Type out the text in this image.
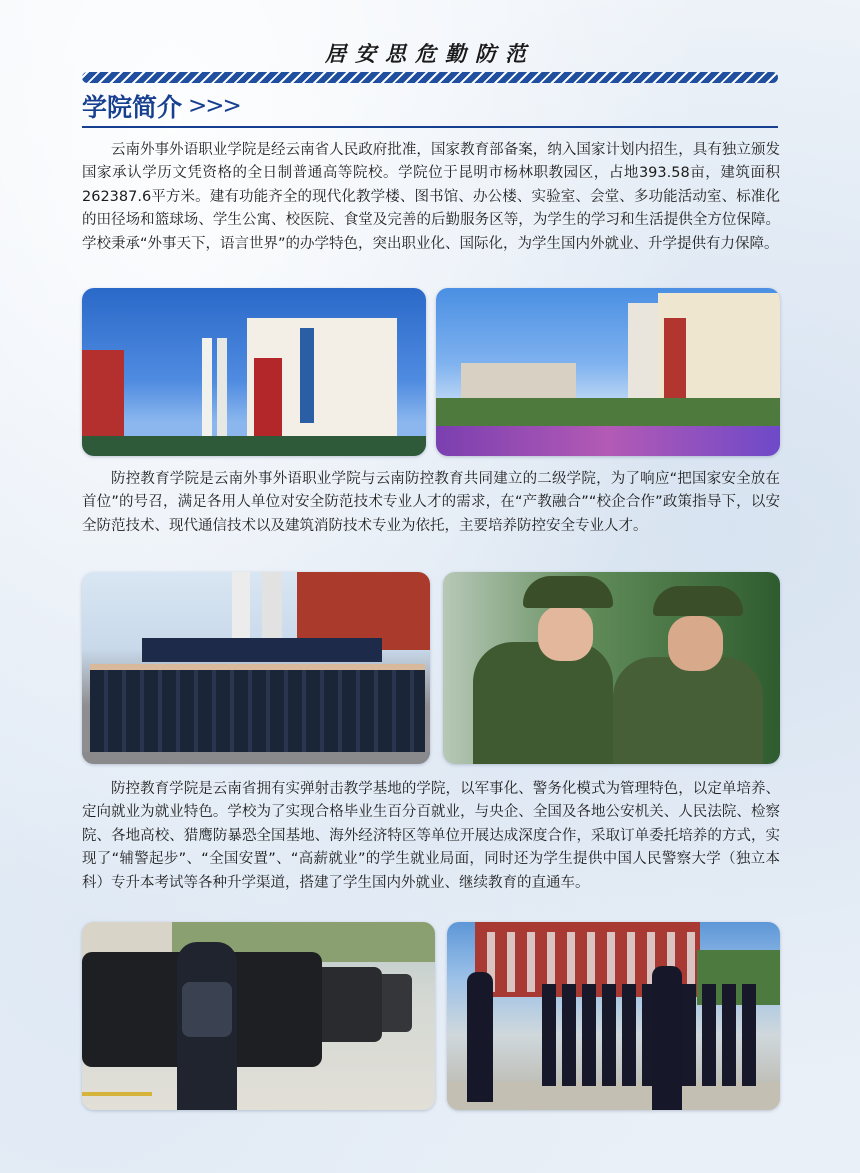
居安思危勤防范
学院简介 >>>

云南外事外语职业学院是经云南省人民政府批准，国家教育部备案，纳入国家计划内招生，具有独立颁发国家承认学历文凭资格的全日制普通高等院校。学院位于昆明市杨林职教园区，占地393.58亩，建筑面积262387.6平方米。建有功能齐全的现代化教学楼、图书馆、办公楼、实验室、会堂、多功能活动室、标准化的田径场和篮球场、学生公寓、校医院、食堂及完善的后勤服务区等，为学生的学习和生活提供全方位保障。学校秉承“外事天下，语言世界”的办学特色，突出职业化、国际化，为学生国内外就业、升学提供有力保障。

防控教育学院是云南外事外语职业学院与云南防控教育共同建立的二级学院，为了响应“把国家安全放在首位”的号召，满足各用人单位对安全防范技术专业人才的需求，在“产教融合”“校企合作”政策指导下，以安全防范技术、现代通信技术以及建筑消防技术专业为依托，主要培养防控安全专业人才。

防控教育学院是云南省拥有实弹射击教学基地的学院，以军事化、警务化模式为管理特色，以定单培养、定向就业为就业特色。学校为了实现合格毕业生百分百就业，与央企、全国及各地公安机关、人民法院、检察院、各地高校、猎鹰防暴恐全国基地、海外经济特区等单位开展达成深度合作，采取订单委托培养的方式，实现了“辅警起步”、“全国安置”、“高薪就业”的学生就业局面，同时还为学生提供中国人民警察大学（独立本科）专升本考试等各种升学渠道，搭建了学生国内外就业、继续教育的直通车。
